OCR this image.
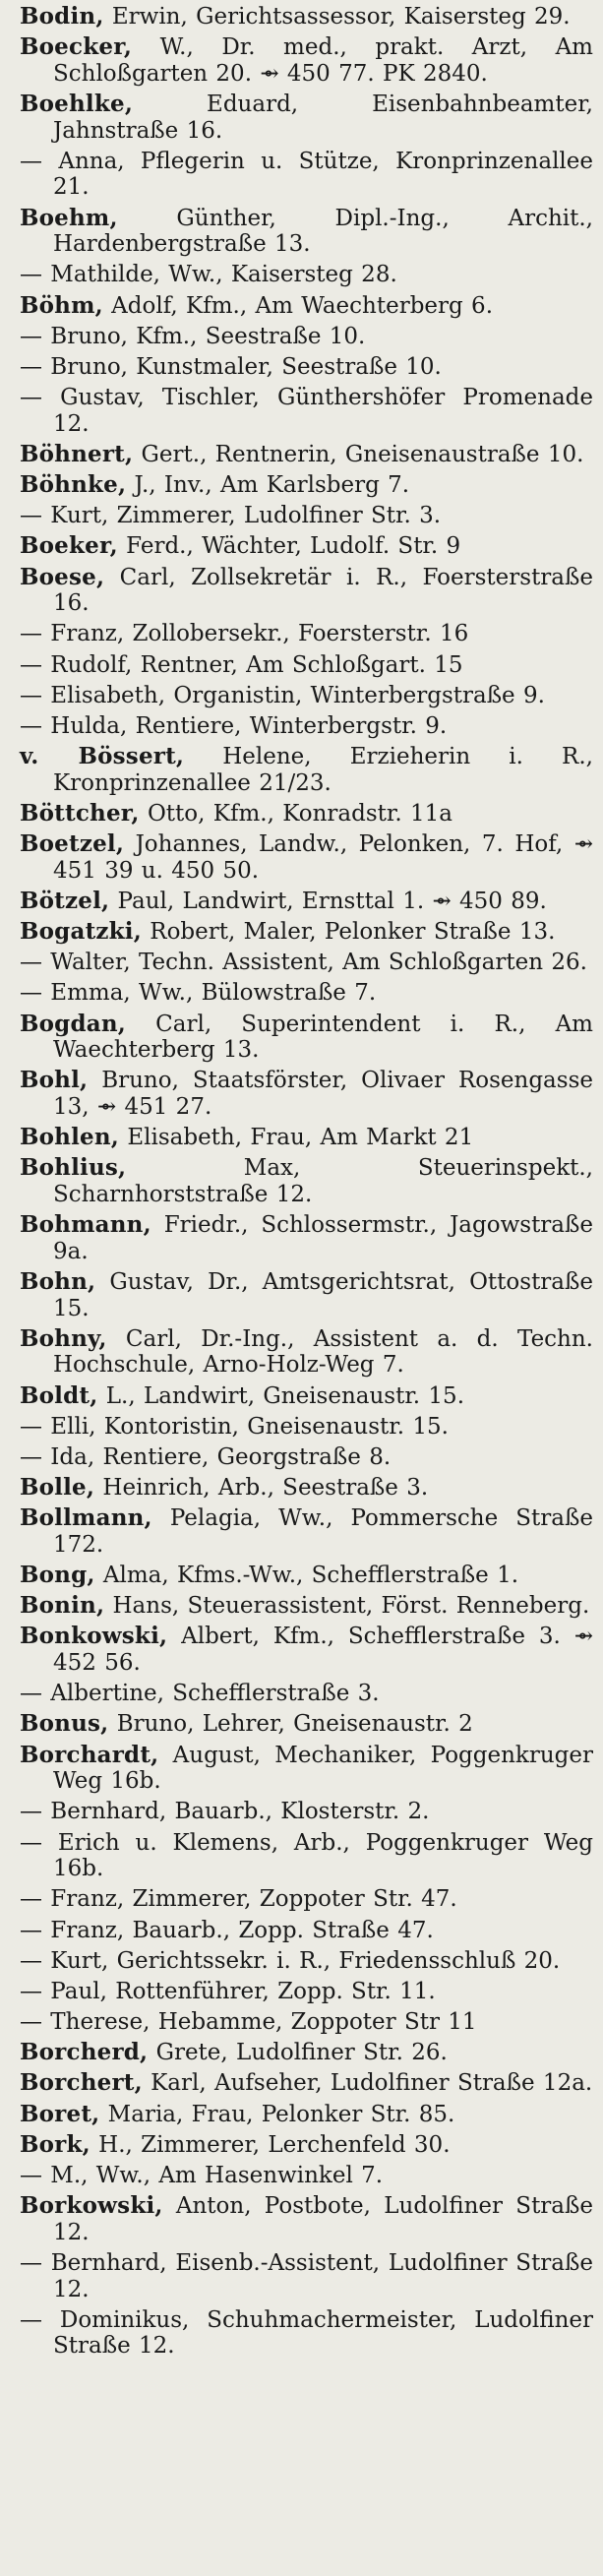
Bodin, Erwin, Gerichtsassessor, Kaisersteg 29.

Boecker, W., Dr. med., prakt. Arzt, Am Schloßgarten 20. ⇴ 450 77. PK 2840.

Boehlke, Eduard, Eisenbahnbeamter, Jahnstraße 16.

— Anna, Pflegerin u. Stütze, Kronprinzenallee 21.

Boehm, Günther, Dipl.-Ing., Archit., Hardenbergstraße 13.

— Mathilde, Ww., Kaisersteg 28.

Böhm, Adolf, Kfm., Am Waechterberg 6.

— Bruno, Kfm., Seestraße 10.

— Bruno, Kunstmaler, Seestraße 10.

— Gustav, Tischler, Günthershöfer Promenade 12.

Böhnert, Gert., Rentnerin, Gneisenaustraße 10.

Böhnke, J., Inv., Am Karlsberg 7.

— Kurt, Zimmerer, Ludolfiner Str. 3.

Boeker, Ferd., Wächter, Ludolf. Str. 9

Boese, Carl, Zollsekretär i. R., Foersterstraße 16.

— Franz, Zollobersekr., Foersterstr. 16

— Rudolf, Rentner, Am Schloßgart. 15

— Elisabeth, Organistin, Winterbergstraße 9.

— Hulda, Rentiere, Winterbergstr. 9.

v. Bössert, Helene, Erzieherin i. R., Kronprinzenallee 21/23.

Böttcher, Otto, Kfm., Konradstr. 11a

Boetzel, Johannes, Landw., Pelonken, 7. Hof, ⇴ 451 39 u. 450 50.

Bötzel, Paul, Landwirt, Ernsttal 1. ⇴ 450 89.

Bogatzki, Robert, Maler, Pelonker Straße 13.

— Walter, Techn. Assistent, Am Schloßgarten 26.

— Emma, Ww., Bülowstraße 7.

Bogdan, Carl, Superintendent i. R., Am Waechterberg 13.

Bohl, Bruno, Staatsförster, Olivaer Rosengasse 13, ⇴ 451 27.

Bohlen, Elisabeth, Frau, Am Markt 21

Bohlius, Max, Steuerinspekt., Scharnhorststraße 12.

Bohmann, Friedr., Schlossermstr., Jagowstraße 9a.

Bohn, Gustav, Dr., Amtsgerichtsrat, Ottostraße 15.

Bohny, Carl, Dr.-Ing., Assistent a. d. Techn. Hochschule, Arno-Holz-Weg 7.

Boldt, L., Landwirt, Gneisenaustr. 15.

— Elli, Kontoristin, Gneisenaustr. 15.

— Ida, Rentiere, Georgstraße 8.

Bolle, Heinrich, Arb., Seestraße 3.

Bollmann, Pelagia, Ww., Pommersche Straße 172.

Bong, Alma, Kfms.-Ww., Schefflerstraße 1.

Bonin, Hans, Steuerassistent, Först. Renneberg.

Bonkowski, Albert, Kfm., Schefflerstraße 3. ⇴ 452 56.

— Albertine, Schefflerstraße 3.

Bonus, Bruno, Lehrer, Gneisenaustr. 2

Borchardt, August, Mechaniker, Poggenkruger Weg 16b.

— Bernhard, Bauarb., Klosterstr. 2.

— Erich u. Klemens, Arb., Poggenkruger Weg 16b.

— Franz, Zimmerer, Zoppoter Str. 47.

— Franz, Bauarb., Zopp. Straße 47.

— Kurt, Gerichtssekr. i. R., Friedensschluß 20.

— Paul, Rottenführer, Zopp. Str. 11.

— Therese, Hebamme, Zoppoter Str 11

Borcherd, Grete, Ludolfiner Str. 26.

Borchert, Karl, Aufseher, Ludolfiner Straße 12a.

Boret, Maria, Frau, Pelonker Str. 85.

Bork, H., Zimmerer, Lerchenfeld 30.

— M., Ww., Am Hasenwinkel 7.

Borkowski, Anton, Postbote, Ludolfiner Straße 12.

— Bernhard, Eisenb.-Assistent, Ludolfiner Straße 12.

— Dominikus, Schuhmachermeister, Ludolfiner Straße 12.
